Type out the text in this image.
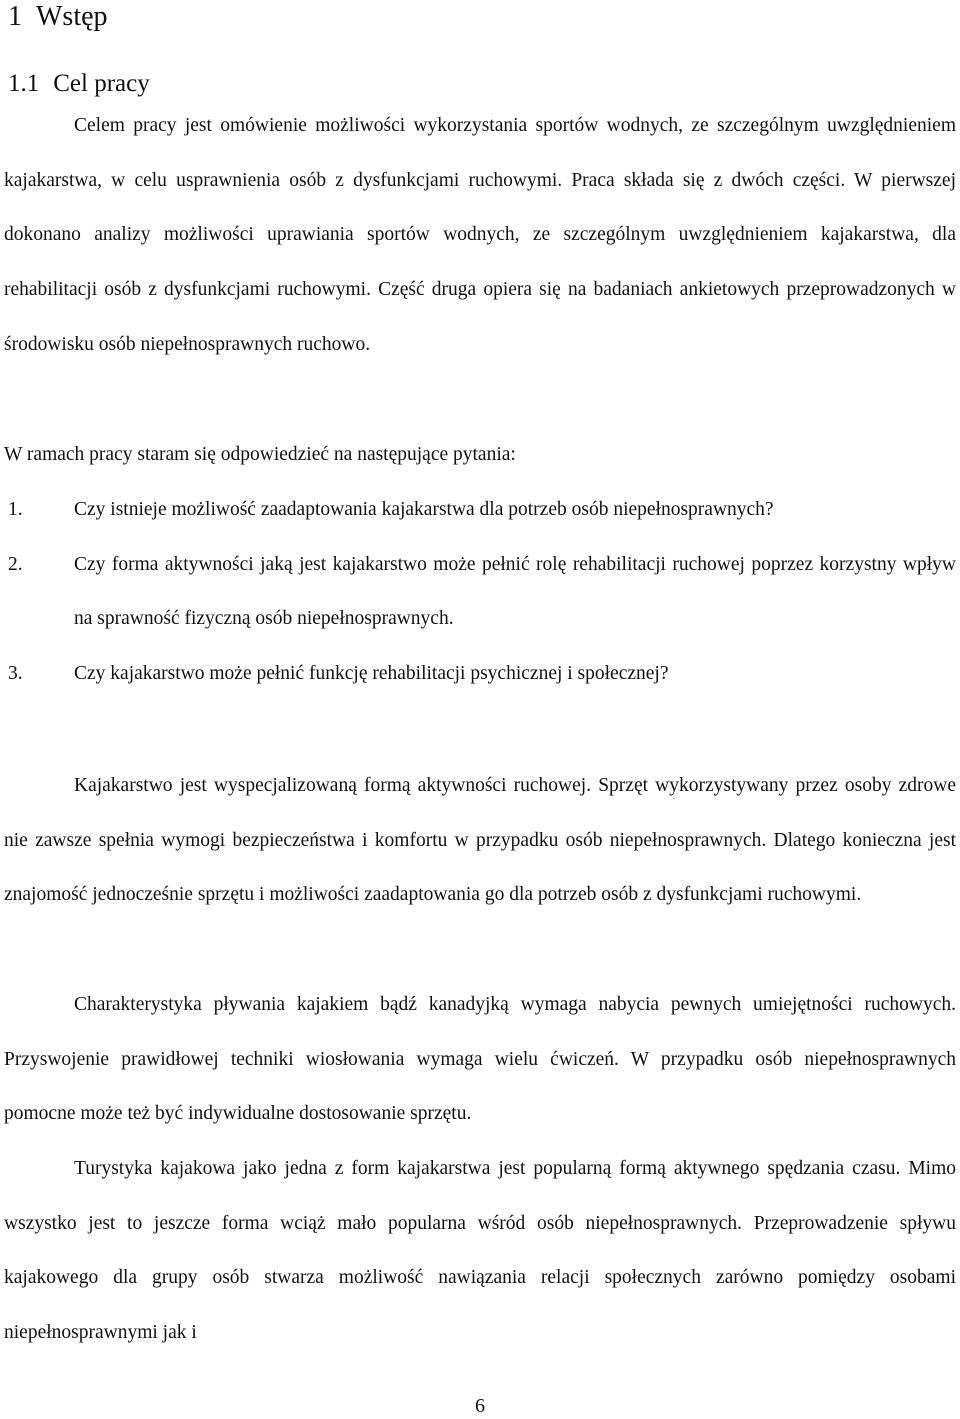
1 Wstęp
1.1 Cel pracy

Celem pracy jest omówienie możliwości wykorzystania sportów wodnych, ze szczególnym uwzględnieniem kajakarstwa, w celu usprawnienia osób z dysfunkcjami ruchowymi. Praca składa się z dwóch części. W pierwszej dokonano analizy możliwości uprawiania sportów wodnych, ze szczególnym uwzględnieniem kajakarstwa, dla rehabilitacji osób z dysfunkcjami ruchowymi. Część druga opiera się na badaniach ankietowych przeprowadzonych w środowisku osób niepełnosprawnych ruchowo.

W ramach pracy staram się odpowiedzieć na następujące pytania:

1.	Czy istnieje możliwość zaadaptowania kajakarstwa dla potrzeb osób niepełnosprawnych?
2.	Czy forma aktywności jaką jest kajakarstwo może pełnić rolę rehabilitacji ruchowej poprzez korzystny wpływ na sprawność fizyczną osób niepełnosprawnych.
3.	Czy kajakarstwo może pełnić funkcję rehabilitacji psychicznej i społecznej?

Kajakarstwo jest wyspecjalizowaną formą aktywności ruchowej. Sprzęt wykorzystywany przez osoby zdrowe nie zawsze spełnia wymogi bezpieczeństwa i komfortu w przypadku osób niepełnosprawnych. Dlatego konieczna jest znajomość jednocześnie sprzętu i możliwości zaadaptowania go dla potrzeb osób z dysfunkcjami ruchowymi.

Charakterystyka pływania kajakiem bądź kanadyjką wymaga nabycia pewnych umiejętności ruchowych. Przyswojenie prawidłowej techniki wiosłowania wymaga wielu ćwiczeń. W przypadku osób niepełnosprawnych pomocne może też być indywidualne dostosowanie sprzętu.

Turystyka kajakowa jako jedna z form kajakarstwa jest popularną formą aktywnego spędzania czasu. Mimo wszystko jest to jeszcze forma wciąż mało popularna wśród osób niepełnosprawnych. Przeprowadzenie spływu kajakowego dla grupy osób stwarza możliwość nawiązania relacji społecznych zarówno pomiędzy osobami niepełnosprawnymi jak i

6
